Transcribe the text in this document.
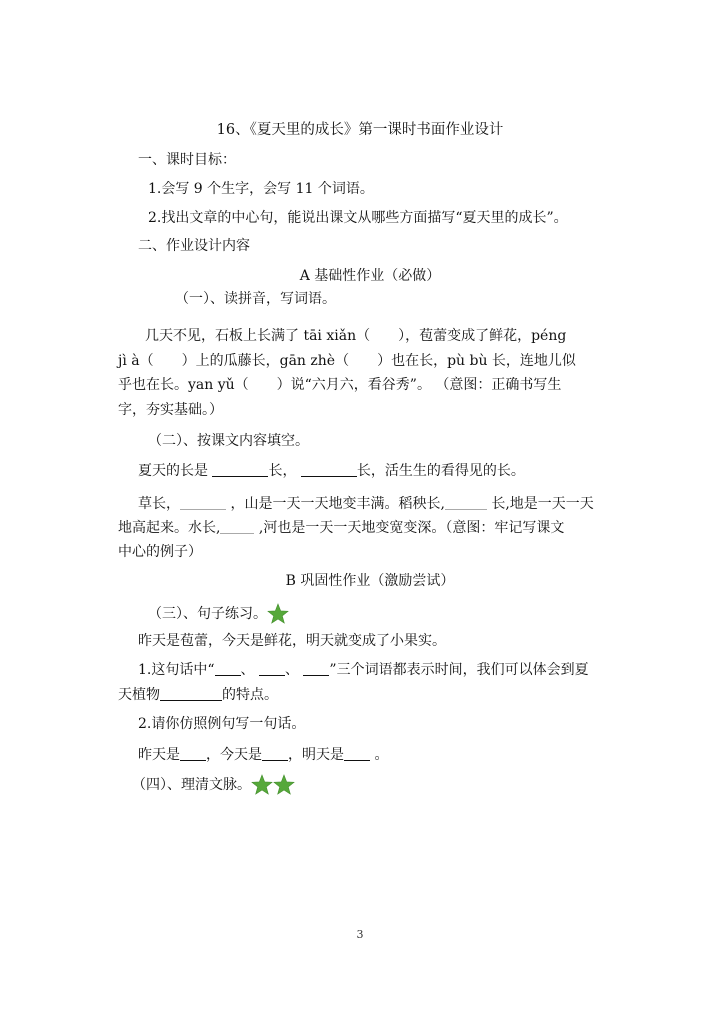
16、《夏天里的成长》第一课时书面作业设计
一、课时目标：
1.会写 9 个生字，会写 11 个词语。
2.找出文章的中心句，能说出课文从哪些方面描写“夏天里的成长”。
二、作业设计内容
A 基础性作业（必做）
（一）、读拼音，写词语。
几天不见，石板上长满了 tāi xiǎn（　　），苞蕾变成了鲜花，péng
jì à（　　）上的瓜藤长，gān zhè（　　）也在长，pù bù 长，连地儿似
乎也在长。yan yǔ（　　）说“六月六，看谷秀”。 （意图：正确书写生
字，夯实基础。）
（二）、按课文内容填空。
夏天的长是	长，	长，活生生的看得见的长。
草长，	，山是一天一天地变丰满。稻秧长,	长,地是一天一天
地高起来。水长,	,河也是一天一天地变宽变深。（意图：牢记写课文
中心的例子）
B 巩固性作业（激励尝试）
（三）、句子练习。
昨天是苞蕾，今天是鲜花，明天就变成了小果实。
1.这句话中“ 、 、 ”三个词语都表示时间，我们可以体会到夏
天植物	的特点。
2.请你仿照例句写一句话。
昨天是 ，今天是 ，明天是 。
（四）、理清文脉。
3
